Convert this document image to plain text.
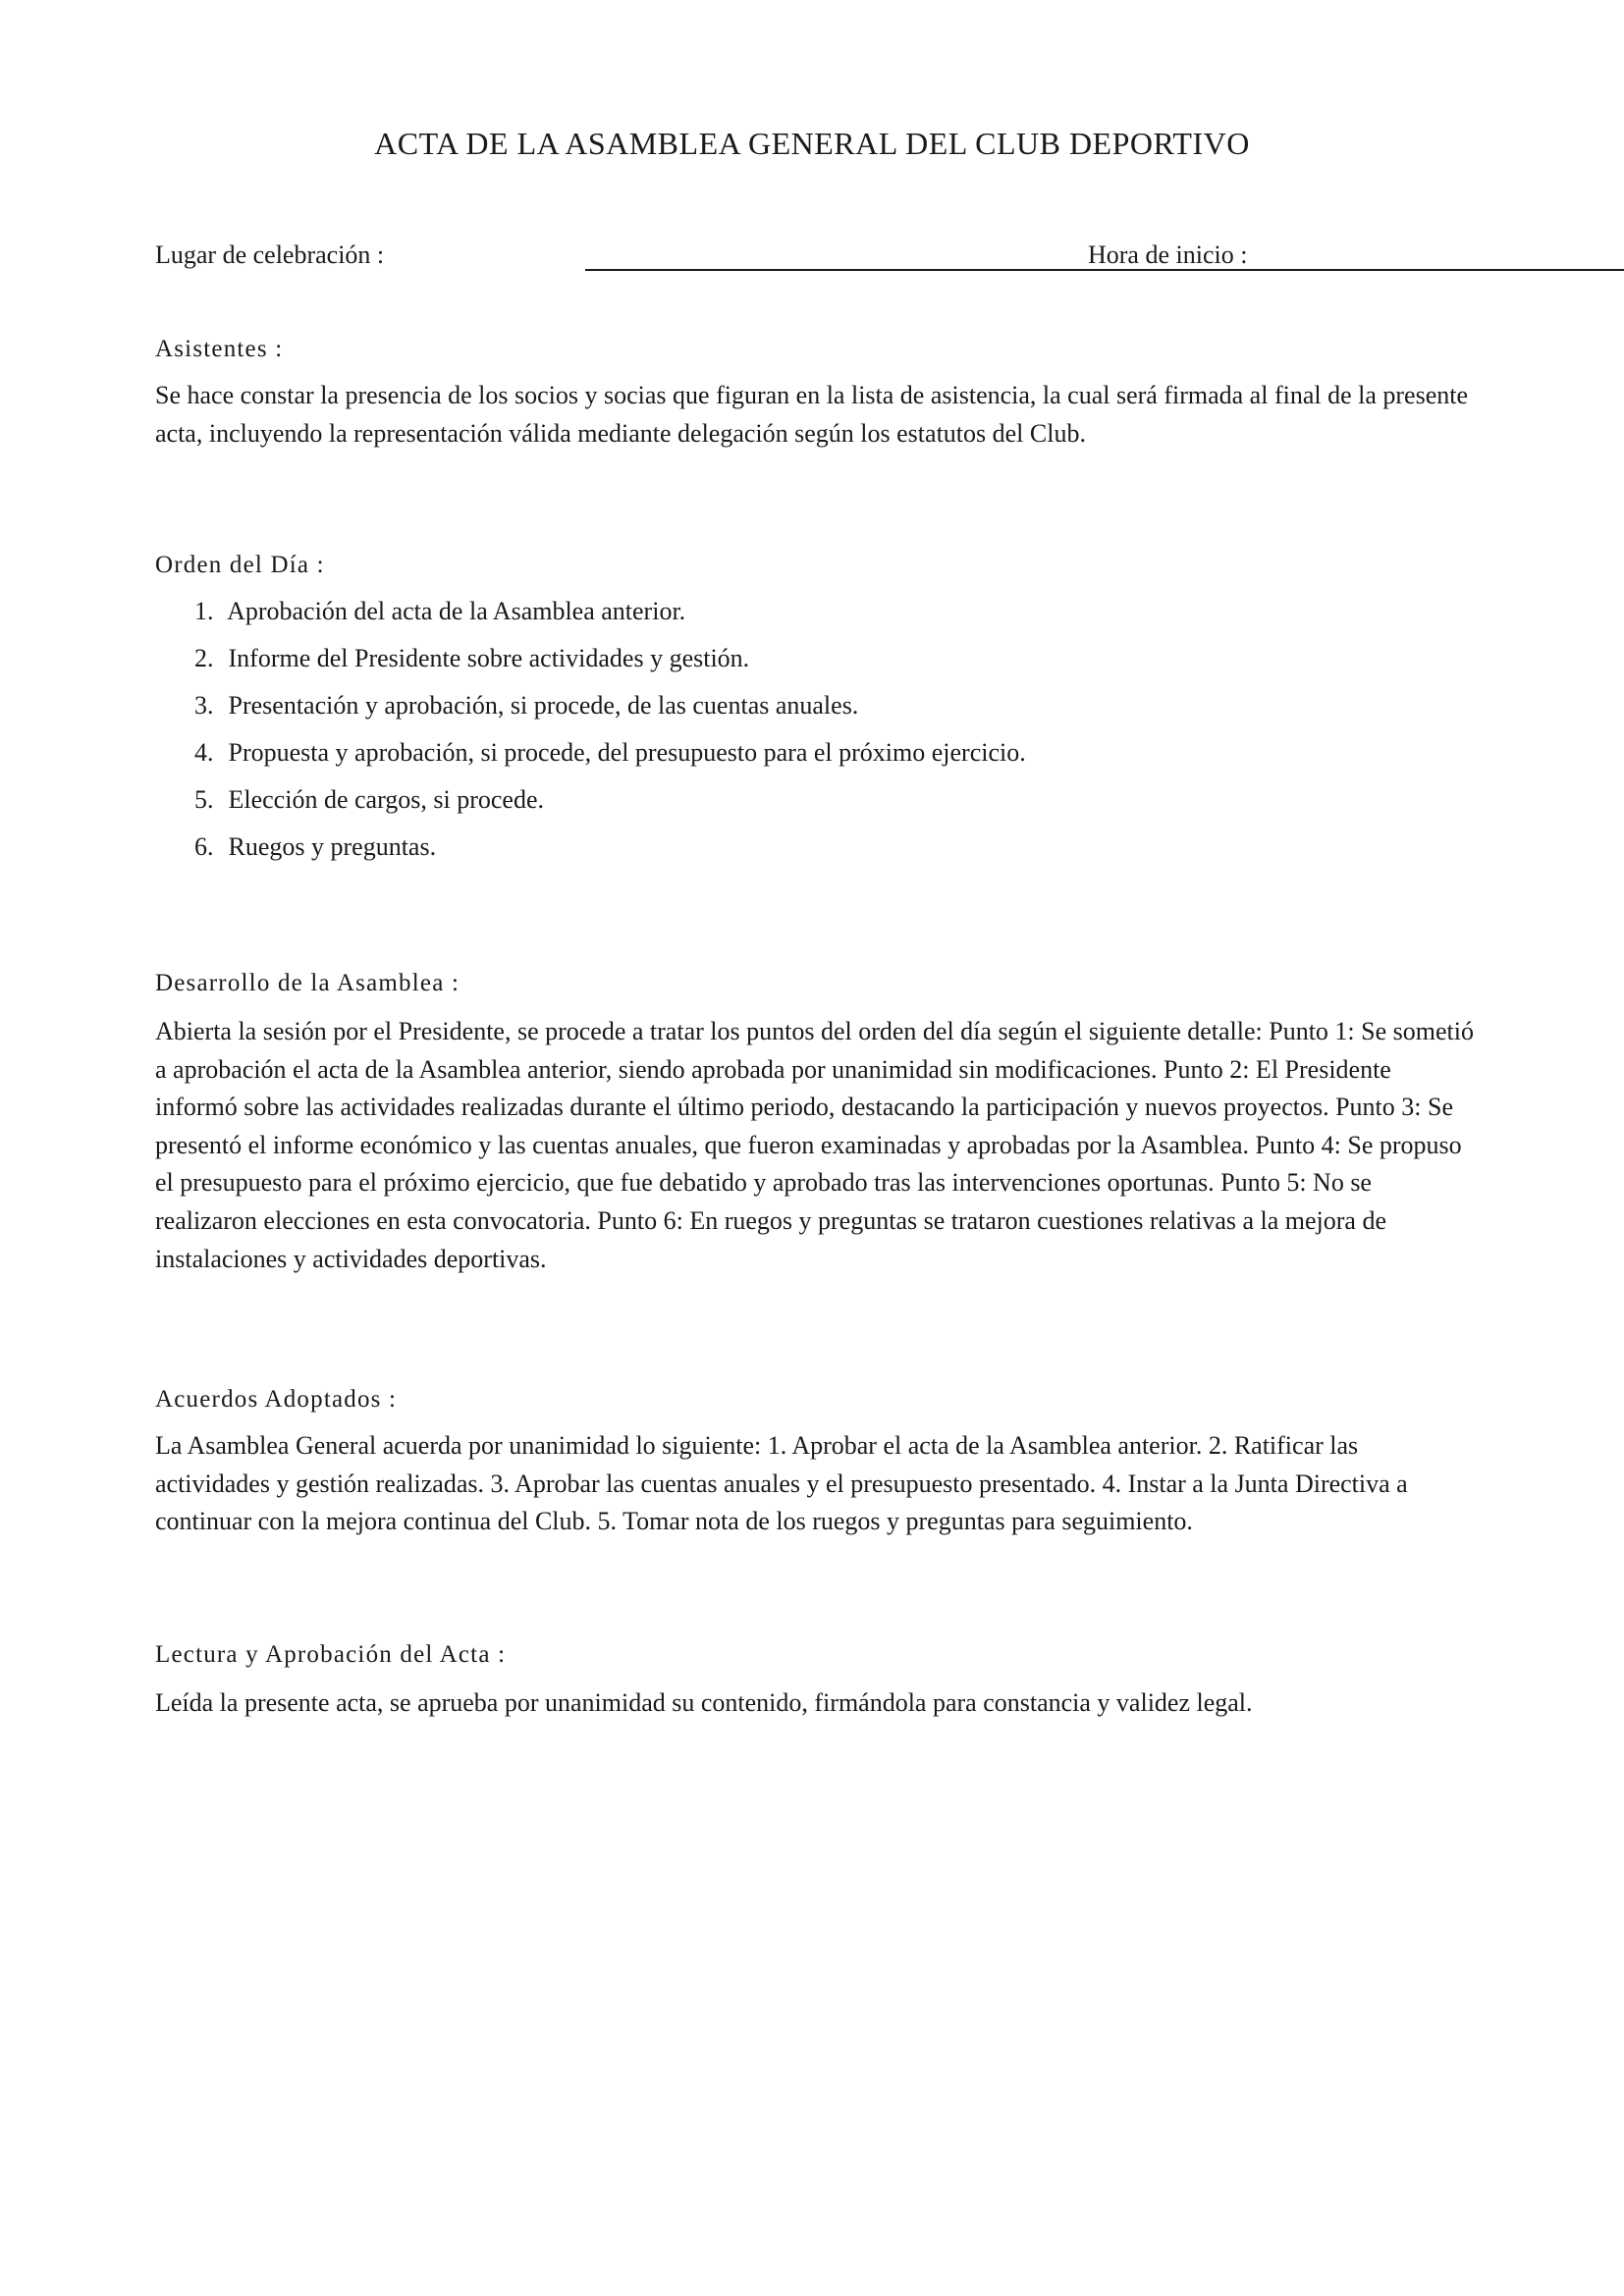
ACTA DE LA ASAMBLEA GENERAL DEL CLUB DEPORTIVO
Lugar de celebración :	Hora de inicio :
Asistentes :
Se hace constar la presencia de los socios y socias que figuran en la lista de asistencia, la cual será firmada al final de la presente acta, incluyendo la representación válida mediante delegación según los estatutos del Club.
Orden del Día :
1. Aprobación del acta de la Asamblea anterior.
2. Informe del Presidente sobre actividades y gestión.
3. Presentación y aprobación, si procede, de las cuentas anuales.
4. Propuesta y aprobación, si procede, del presupuesto para el próximo ejercicio.
5. Elección de cargos, si procede.
6. Ruegos y preguntas.
Desarrollo de la Asamblea :
Abierta la sesión por el Presidente, se procede a tratar los puntos del orden del día según el siguiente detalle: Punto 1: Se sometió a aprobación el acta de la Asamblea anterior, siendo aprobada por unanimidad sin modificaciones. Punto 2: El Presidente informó sobre las actividades realizadas durante el último periodo, destacando la participación y nuevos proyectos. Punto 3: Se presentó el informe económico y las cuentas anuales, que fueron examinadas y aprobadas por la Asamblea. Punto 4: Se propuso el presupuesto para el próximo ejercicio, que fue debatido y aprobado tras las intervenciones oportunas. Punto 5: No se realizaron elecciones en esta convocatoria. Punto 6: En ruegos y preguntas se trataron cuestiones relativas a la mejora de instalaciones y actividades deportivas.
Acuerdos Adoptados :
La Asamblea General acuerda por unanimidad lo siguiente: 1. Aprobar el acta de la Asamblea anterior. 2. Ratificar las actividades y gestión realizadas. 3. Aprobar las cuentas anuales y el presupuesto presentado. 4. Instar a la Junta Directiva a continuar con la mejora continua del Club. 5. Tomar nota de los ruegos y preguntas para seguimiento.
Lectura y Aprobación del Acta :
Leída la presente acta, se aprueba por unanimidad su contenido, firmándola para constancia y validez legal.
